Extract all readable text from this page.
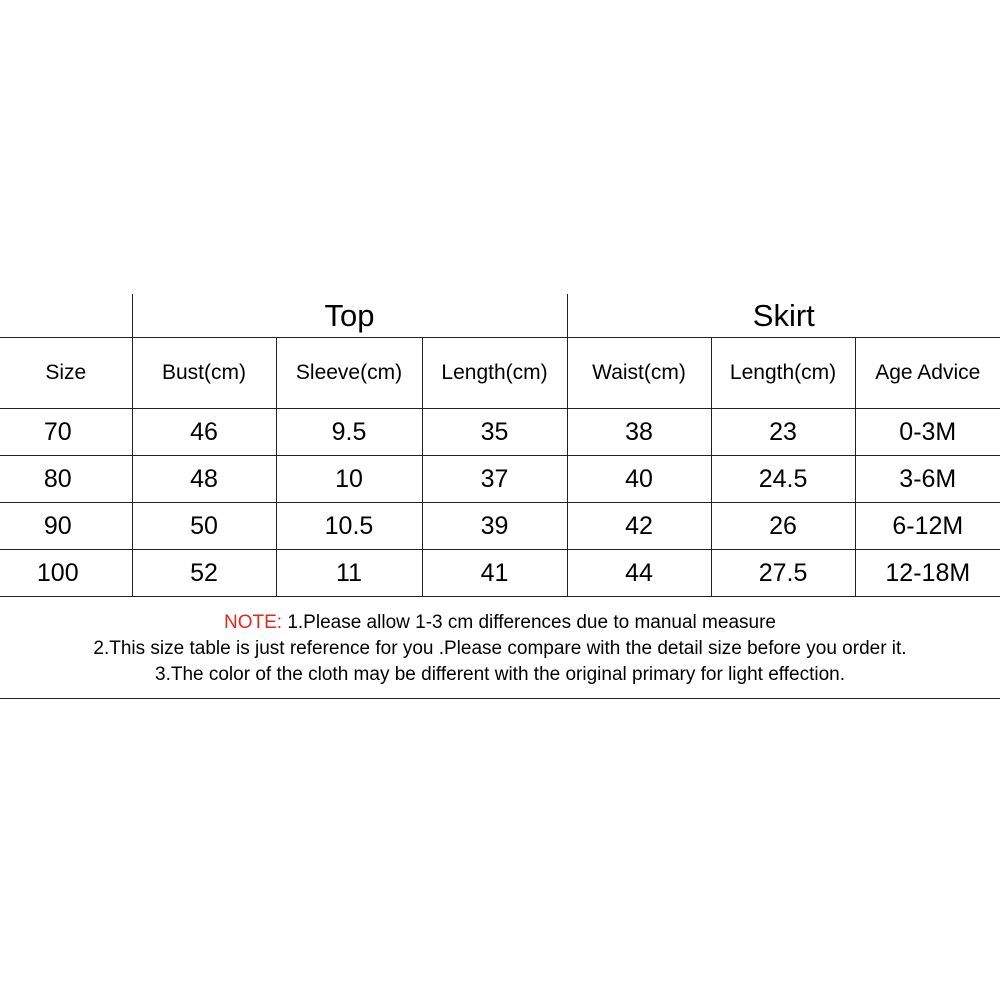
	Top			Skirt		
Size	Bust(cm)	Sleeve(cm)	Length(cm)	Waist(cm)	Length(cm)	Age Advice
70	46	9.5	35	38	23	0-3M
80	48	10	37	40	24.5	3-6M
90	50	10.5	39	42	26	6-12M
100	52	11	41	44	27.5	12-18M
NOTE: 1.Please allow 1-3 cm differences due to manual measure
2.This size table is just reference for you .Please compare with the detail size before you order it.
3.The color of the cloth may be different with the original primary for light effection.
